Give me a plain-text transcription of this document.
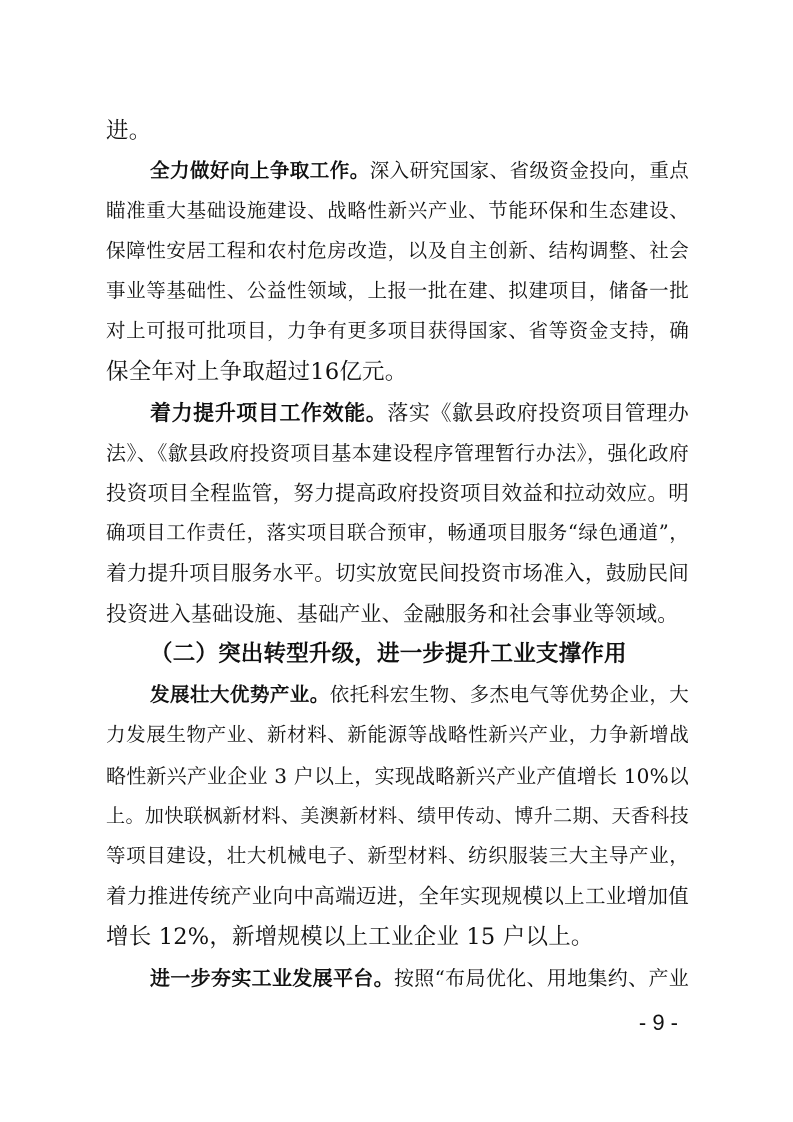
进。
全力做好向上争取工作。深入研究国家、省级资金投向，重点
瞄准重大基础设施建设、战略性新兴产业、节能环保和生态建设、
保障性安居工程和农村危房改造，以及自主创新、结构调整、社会
事业等基础性、公益性领域，上报一批在建、拟建项目，储备一批
对上可报可批项目，力争有更多项目获得国家、省等资金支持，确
保全年对上争取超过16亿元。
着力提升项目工作效能。落实《歙县政府投资项目管理办
法》、《歙县政府投资项目基本建设程序管理暂行办法》，强化政府
投资项目全程监管，努力提高政府投资项目效益和拉动效应。明
确项目工作责任，落实项目联合预审，畅通项目服务“绿色通道”，
着力提升项目服务水平。切实放宽民间投资市场准入，鼓励民间
投资进入基础设施、基础产业、金融服务和社会事业等领域。
（二）突出转型升级，进一步提升工业支撑作用
发展壮大优势产业。依托科宏生物、多杰电气等优势企业，大
力发展生物产业、新材料、新能源等战略性新兴产业，力争新增战
略性新兴产业企业 3 户以上，实现战略新兴产业产值增长 10%以
上。加快联枫新材料、美澳新材料、绩甲传动、博升二期、天香科技
等项目建设，壮大机械电子、新型材料、纺织服装三大主导产业，
着力推进传统产业向中高端迈进，全年实现规模以上工业增加值
增长 12%，新增规模以上工业企业 15 户以上。
进一步夯实工业发展平台。按照“布局优化、用地集约、产业
- 9 -
